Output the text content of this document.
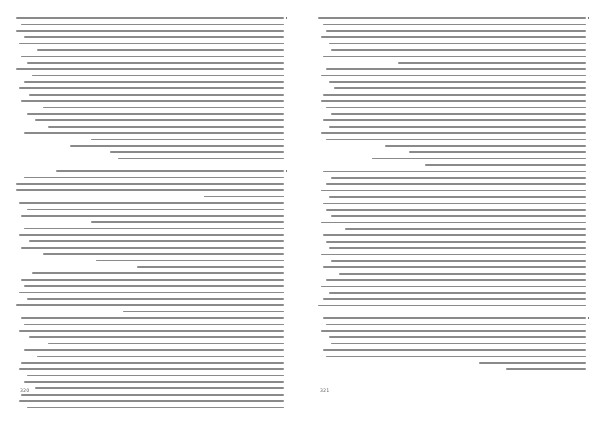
320	321
